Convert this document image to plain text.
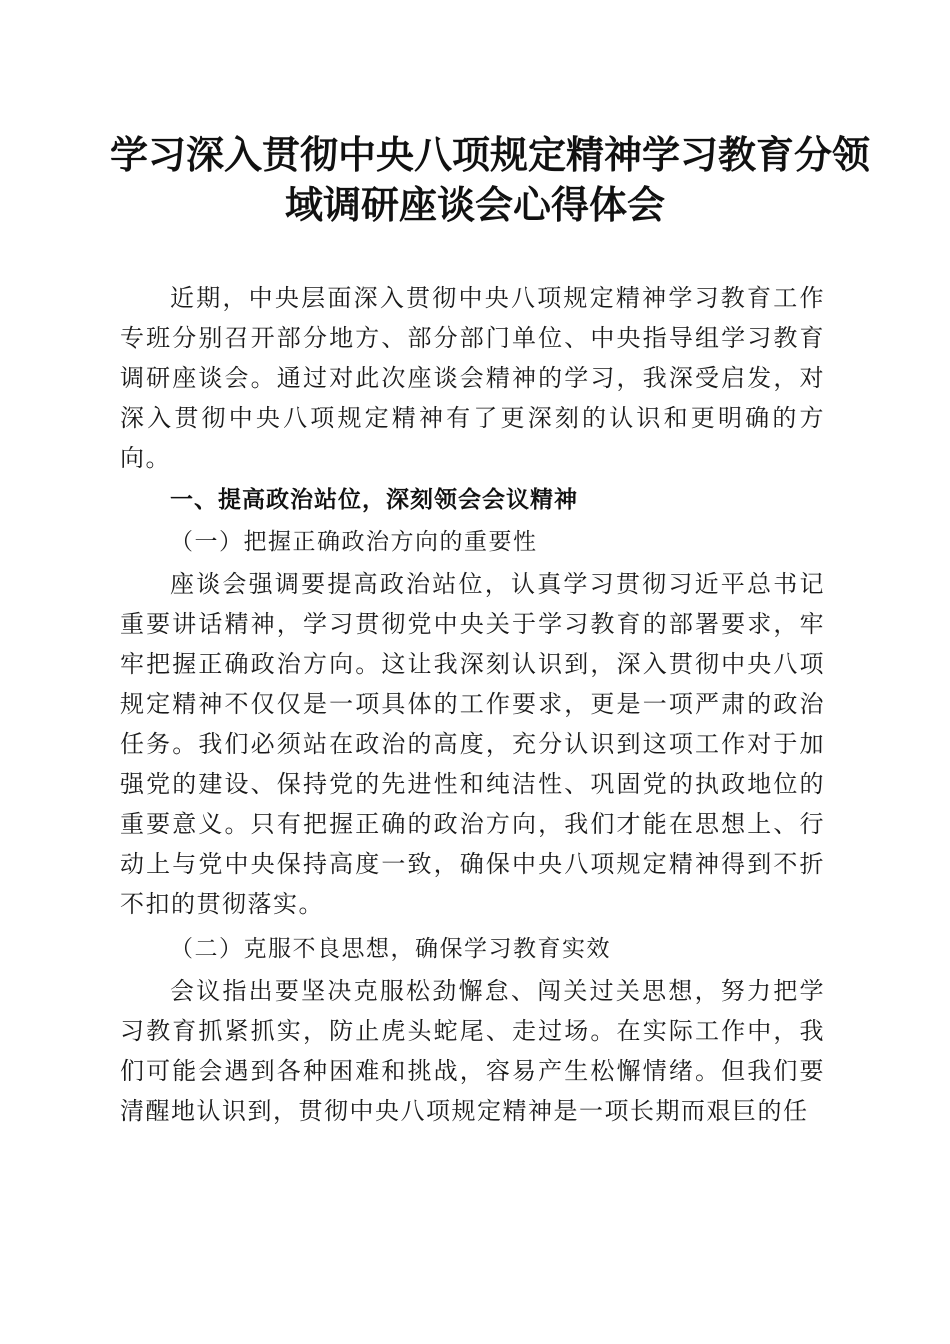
学习深入贯彻中央八项规定精神学习教育分领
域调研座谈会心得体会

近期，中央层面深入贯彻中央八项规定精神学习教育工作专班分别召开部分地方、部分部门单位、中央指导组学习教育调研座谈会。通过对此次座谈会精神的学习，我深受启发，对深入贯彻中央八项规定精神有了更深刻的认识和更明确的方向。

一、提高政治站位，深刻领会会议精神

（一）把握正确政治方向的重要性

座谈会强调要提高政治站位，认真学习贯彻习近平总书记重要讲话精神，学习贯彻党中央关于学习教育的部署要求，牢牢把握正确政治方向。这让我深刻认识到，深入贯彻中央八项规定精神不仅仅是一项具体的工作要求，更是一项严肃的政治任务。我们必须站在政治的高度，充分认识到这项工作对于加强党的建设、保持党的先进性和纯洁性、巩固党的执政地位的重要意义。只有把握正确的政治方向，我们才能在思想上、行动上与党中央保持高度一致，确保中央八项规定精神得到不折不扣的贯彻落实。

（二）克服不良思想，确保学习教育实效

会议指出要坚决克服松劲懈怠、闯关过关思想，努力把学习教育抓紧抓实，防止虎头蛇尾、走过场。在实际工作中，我们可能会遇到各种困难和挑战，容易产生松懈情绪。但我们要清醒地认识到，贯彻中央八项规定精神是一项长期而艰巨的任
